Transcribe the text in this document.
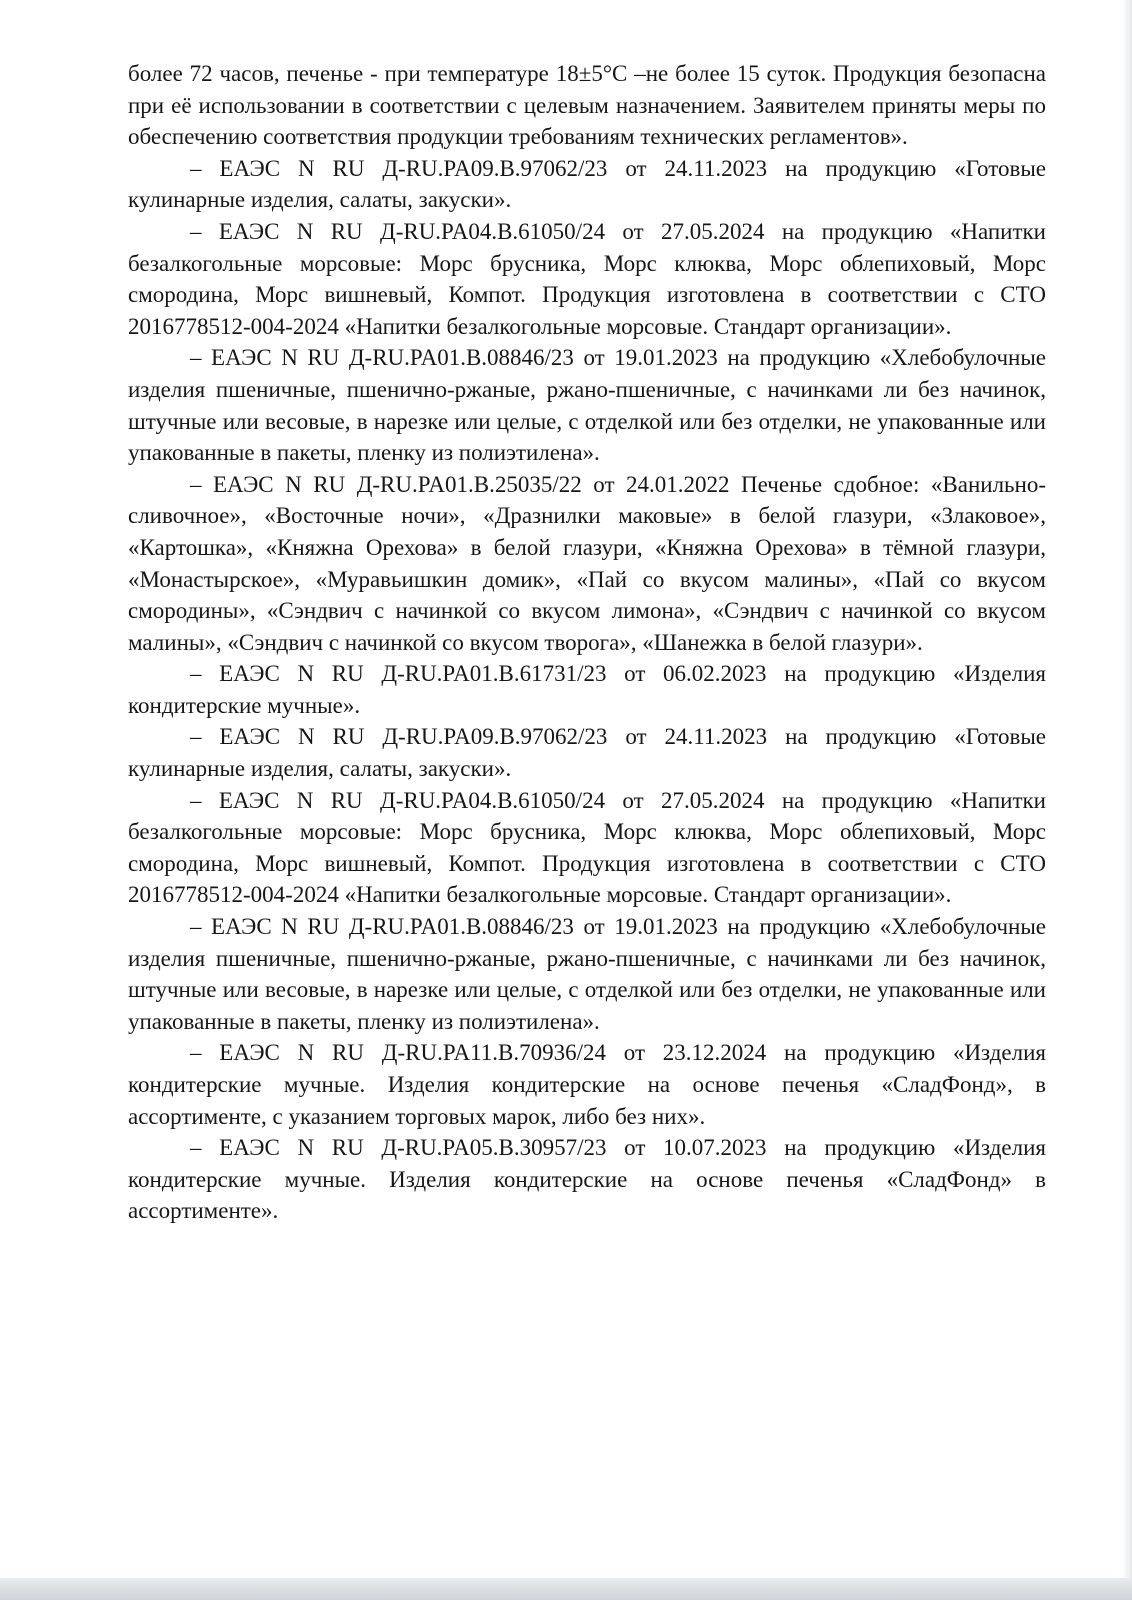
более 72 часов, печенье - при температуре 18±5°С –не более 15 суток. Продукция безопасна при её использовании в соответствии с целевым назначением. Заявителем приняты меры по обеспечению соответствия продукции требованиям технических регламентов».

– ЕАЭС N RU Д-RU.PA09.B.97062/23 от 24.11.2023 на продукцию «Готовые кулинарные изделия, салаты, закуски».

– ЕАЭС N RU Д-RU.PA04.B.61050/24 от 27.05.2024 на продукцию «Напитки безалкогольные морсовые: Морс брусника, Морс клюква, Морс облепиховый, Морс смородина, Морс вишневый, Компот. Продукция изготовлена в соответствии с СТО 2016778512-004-2024 «Напитки безалкогольные морсовые. Стандарт организации».

– ЕАЭС N RU Д-RU.PA01.B.08846/23 от 19.01.2023 на продукцию «Хлебобулочные изделия пшеничные, пшенично-ржаные, ржано-пшеничные, с начинками ли без начинок, штучные или весовые, в нарезке или целые, с отделкой или без отделки, не упакованные или упакованные в пакеты, пленку из полиэтилена».

– ЕАЭС N RU Д-RU.PA01.B.25035/22 от 24.01.2022 Печенье сдобное: «Ванильно-сливочное», «Восточные ночи», «Дразнилки маковые» в белой глазури, «Злаковое», «Картошка», «Княжна Орехова» в белой глазури, «Княжна Орехова» в тёмной глазури, «Монастырское», «Муравьишкин домик», «Пай со вкусом малины», «Пай со вкусом смородины», «Сэндвич с начинкой со вкусом лимона», «Сэндвич с начинкой со вкусом малины», «Сэндвич с начинкой со вкусом творога», «Шанежка в белой глазури».

– ЕАЭС N RU Д-RU.PA01.B.61731/23 от 06.02.2023 на продукцию «Изделия кондитерские мучные».

– ЕАЭС N RU Д-RU.PA09.B.97062/23 от 24.11.2023 на продукцию «Готовые кулинарные изделия, салаты, закуски».

– ЕАЭС N RU Д-RU.PA04.B.61050/24 от 27.05.2024 на продукцию «Напитки безалкогольные морсовые: Морс брусника, Морс клюква, Морс облепиховый, Морс смородина, Морс вишневый, Компот. Продукция изготовлена в соответствии с СТО 2016778512-004-2024 «Напитки безалкогольные морсовые. Стандарт организации».

– ЕАЭС N RU Д-RU.PA01.B.08846/23 от 19.01.2023 на продукцию «Хлебобулочные изделия пшеничные, пшенично-ржаные, ржано-пшеничные, с начинками ли без начинок, штучные или весовые, в нарезке или целые, с отделкой или без отделки, не упакованные или упакованные в пакеты, пленку из полиэтилена».

– ЕАЭС N RU Д-RU.PA11.B.70936/24 от 23.12.2024 на продукцию «Изделия кондитерские мучные. Изделия кондитерские на основе печенья «СладФонд», в ассортименте, с указанием торговых марок, либо без них».

– ЕАЭС N RU Д-RU.PA05.B.30957/23 от 10.07.2023 на продукцию «Изделия кондитерские мучные. Изделия кондитерские на основе печенья «СладФонд» в ассортименте».
